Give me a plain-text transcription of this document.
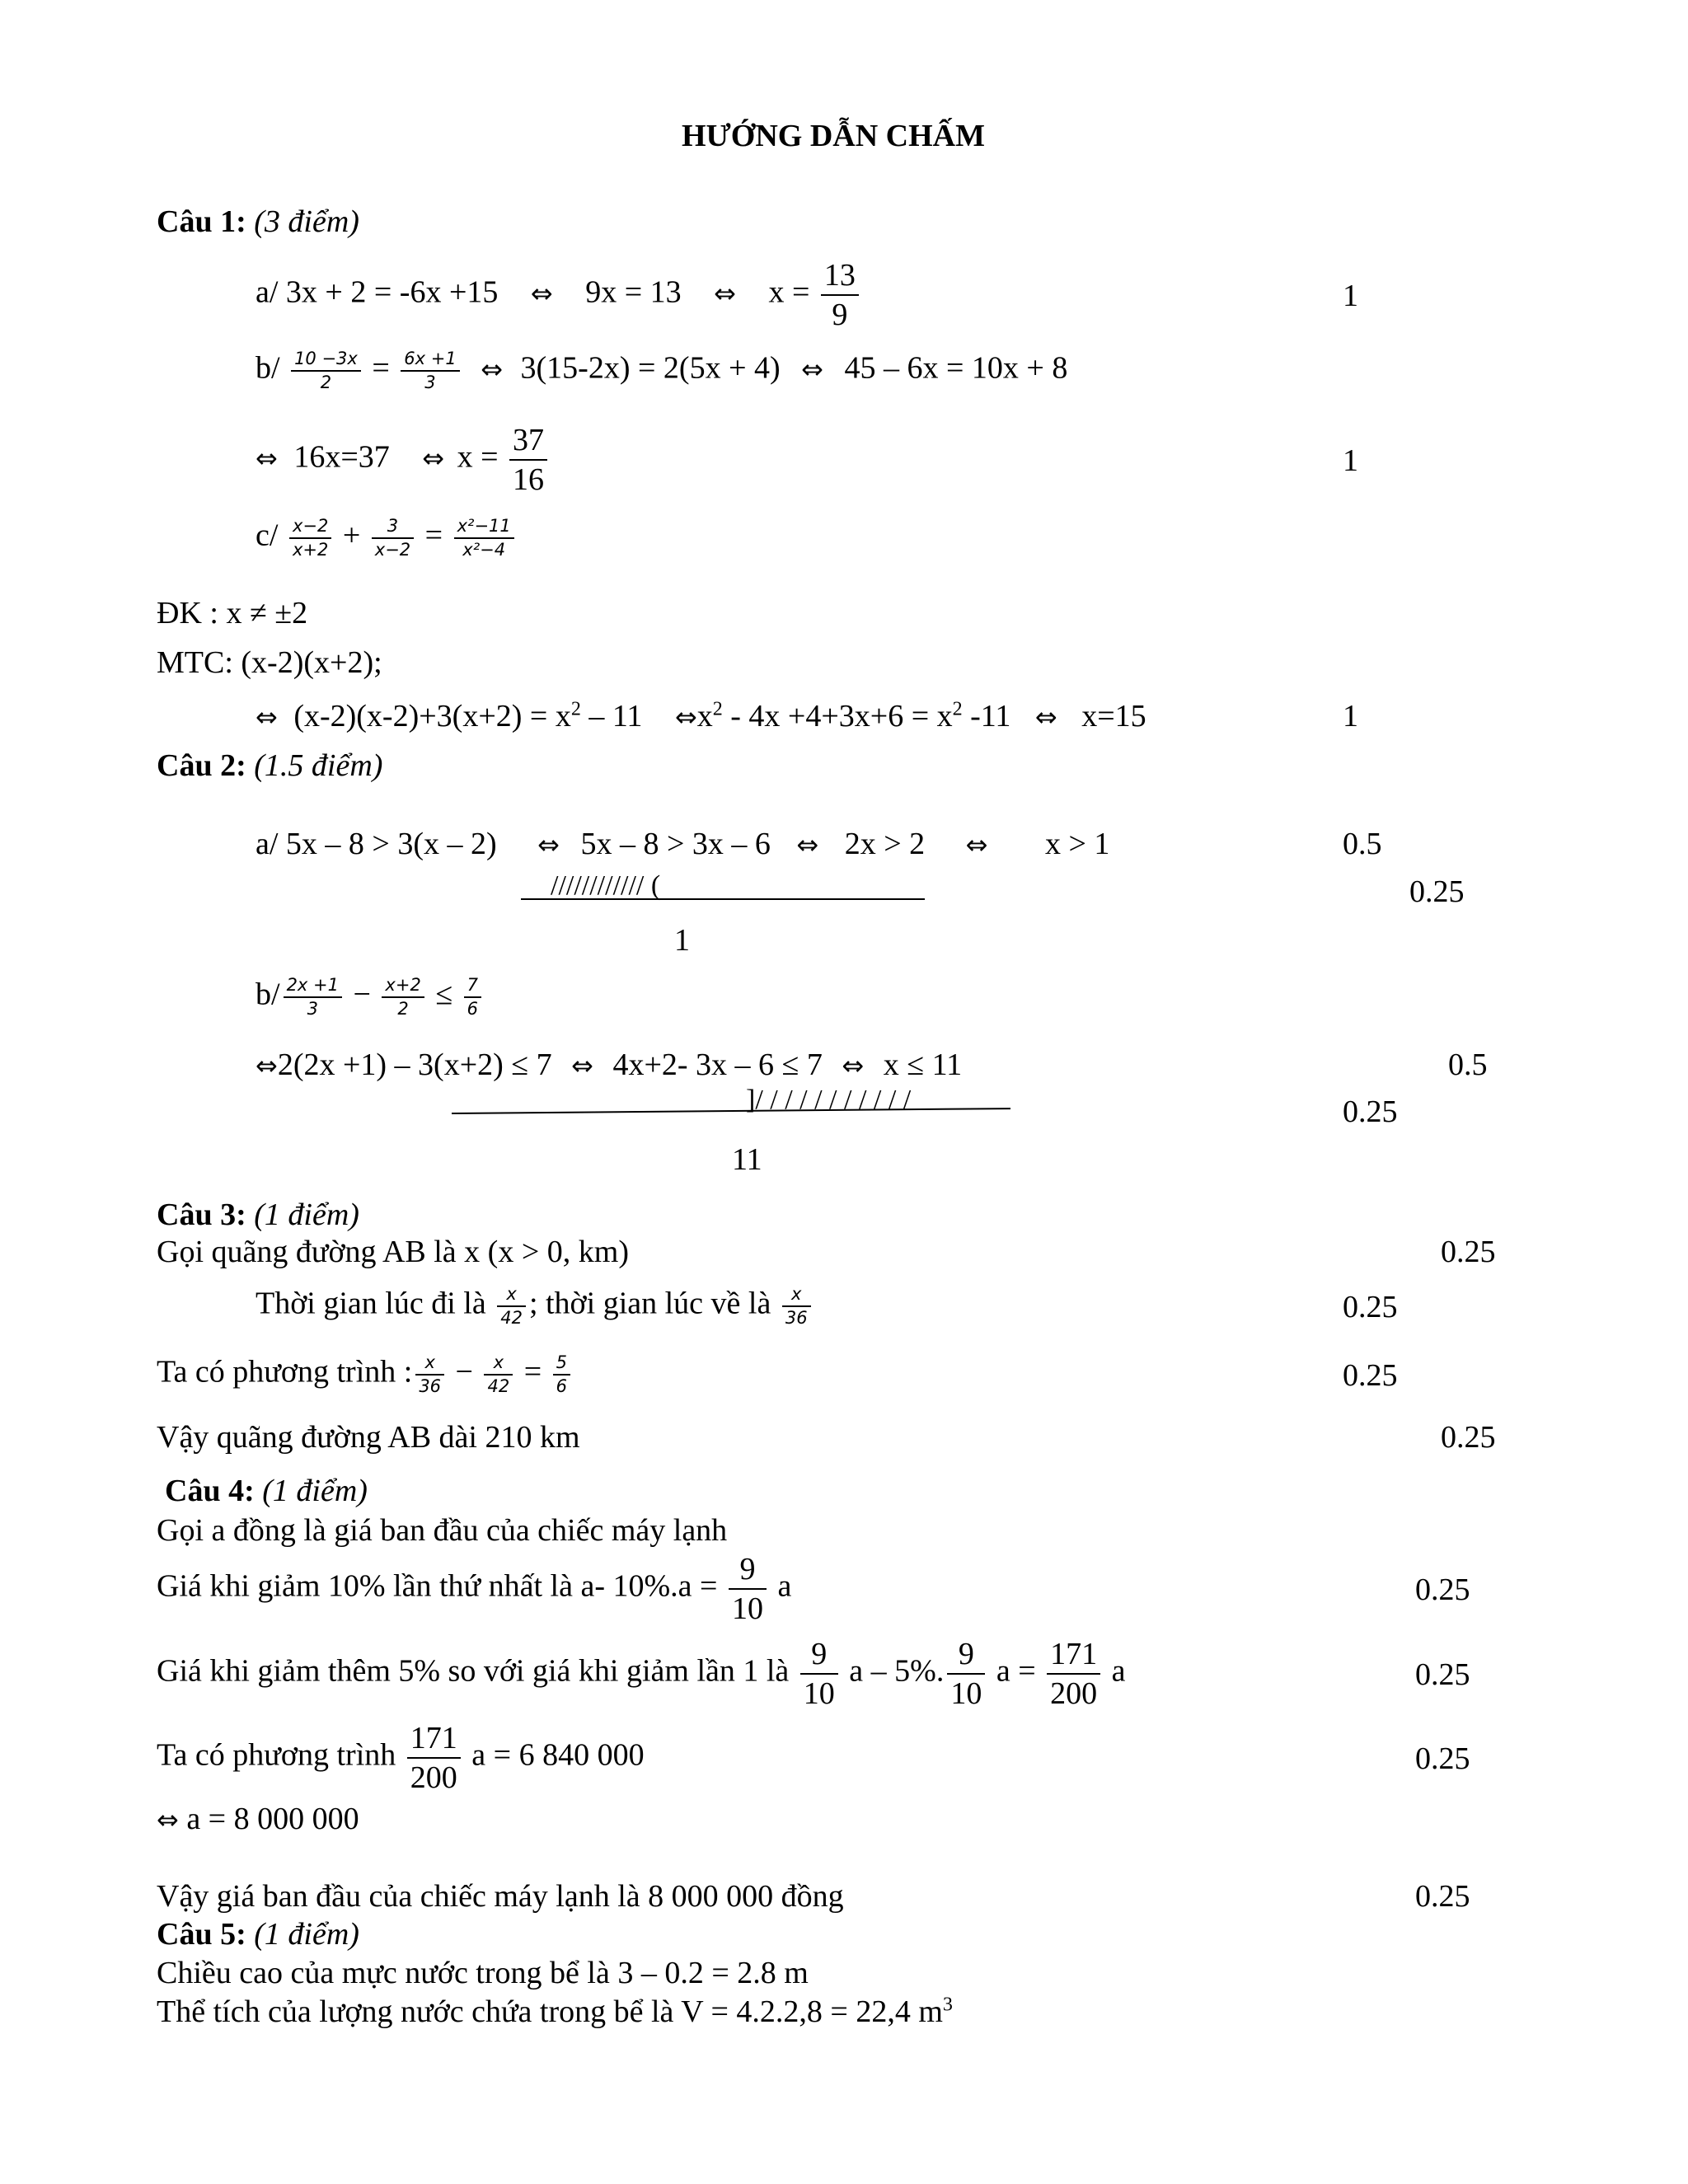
HƯỚNG DẪN CHẤM
Câu 1: (3 điểm)
a/ 3x + 2 = -6x +15 ⇔ 9x = 13 ⇔ $x = \frac{13}{9}$	1
$b/ \frac{10 -3x}{2} = \frac{6x +1}{3}$ ⇔ 3(15-2x) = 2(5x + 4) ⇔ 45 – 6x = 10x + 8
⇔ 16x=37 ⇔ $x = \frac{37}{16}$	1
$c/ \frac{x-2}{x+2} + \frac{3}{x-2} = \frac{\text{x²−11}}{\text{x²−4}}$
ĐK : x ≠ ±2
MTC: (x-2)(x+2);
⇔ $(x-2)(x-2)+3(x+2) = x^2 - 11$ $\Leftrightarrow x^2 - 4x +4+3x+6 = x^2$ -11 ⇔ x=15	1
Câu 2: (1.5 điểm)
a/ 5x – 8 > 3(x – 2) ⇔ 5x – 8 > 3x – 6 ⇔ 2x > 2 ⇔ x > 1	0.5
//////////// (
1
0.25
$b/ \frac{2x +1}{3} - \frac{x+2}{2} \le \frac{7}{6}$
⇔2(2x +1) – 3(x+2) ≤ 7 ⇔ 4x+2- 3x – 6 ≤ 7 ⇔ x ≤ 11	0.5
]/ / / / / / / / / / /
11
0.25
Câu 3: (1 điểm)
Gọi quãng đường AB là x (x > 0, km)	0.25
Thời gian lúc đi là $\frac{x}{42}$ ; thời gian lúc về là $\frac{x}{36}$	0.25
Ta có phương trình : $\frac{x}{36} - \frac{x}{42} = \frac{5}{6}$	0.25
Vậy quãng đường AB dài 210 km	0.25
Câu 4: (1 điểm)
Gọi a đồng là giá ban đầu của chiếc máy lạnh
Giá khi giảm 10% lần thứ nhất là a- $10\%.a = \frac{9}{10}$ a	0.25
Giá khi giảm thêm 5% so với giá khi giảm lần 1 là $\frac{9}{10}$ a – 5%. $\frac{9}{10}$ $a = \frac{171}{200}$ a	0.25
Ta có phương trình $\frac{171}{200}$ a = 6 840 000	0.25
⇔ a = 8 000 000
Vậy giá ban đầu của chiếc máy lạnh là 8 000 000 đồng	0.25
Câu 5: (1 điểm)
Chiều cao của mực nước trong bể là 3 – 0.2 = 2.8 m
Thể tích của lượng nước chứa trong bể là V = 4.2.2,8 = 22,4 $m^3$
